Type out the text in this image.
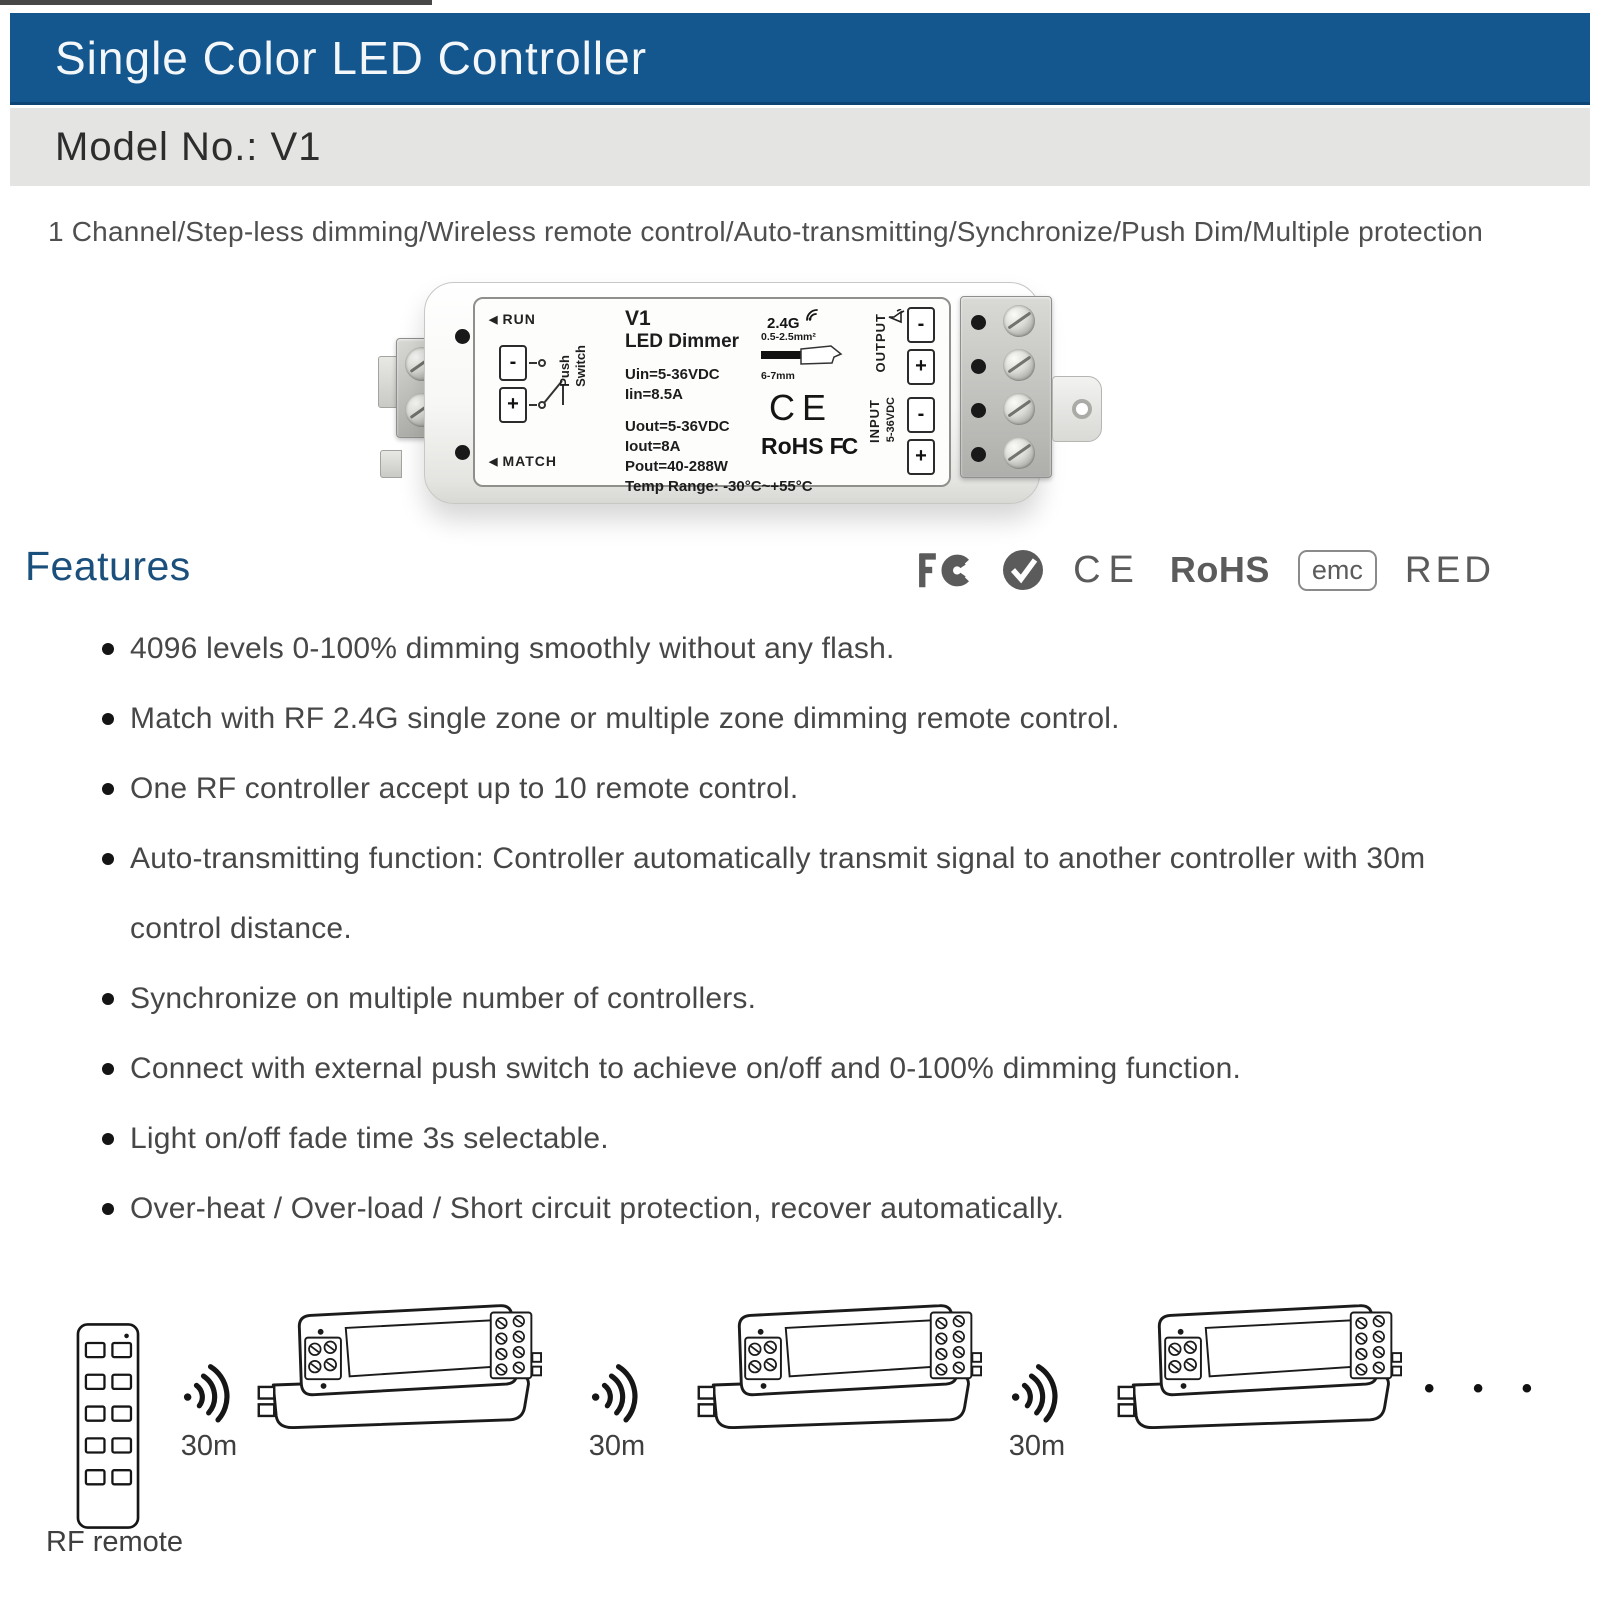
Single Color LED Controller
Model No.: V1
1 Channel/Step-less dimming/Wireless remote control/Auto-transmitting/Synchronize/Push Dim/Multiple protection
◀ RUN
-
+
Switch
Push
◀ MATCH
V1
LED Dimmer
Uin=5-36VDC
Iin=8.5A
Uout=5-36VDC
Iout=8A
Pout=40-288W
Temp Range: -30°C~+55°C
2.4G
0.5-2.5mm²
6-7mm
CE
RoHS FC
OUTPUT	-
+
INPUT 5-36VDC	-
+
Features	CE RoHS	emc	RED
4096 levels 0-100% dimming smoothly without any flash.
Match with RF 2.4G single zone or multiple zone dimming remote control.
One RF controller accept up to 10 remote control.
Auto-transmitting function: Controller automatically transmit signal to another controller with 30m control distance.
Synchronize on multiple number of controllers.
Connect with external push switch to achieve on/off and 0-100% dimming function.
Light on/off fade time 3s selectable.
Over-heat / Over-load / Short circuit protection, recover automatically.
RF remote
30m	30m	30m
• • •
